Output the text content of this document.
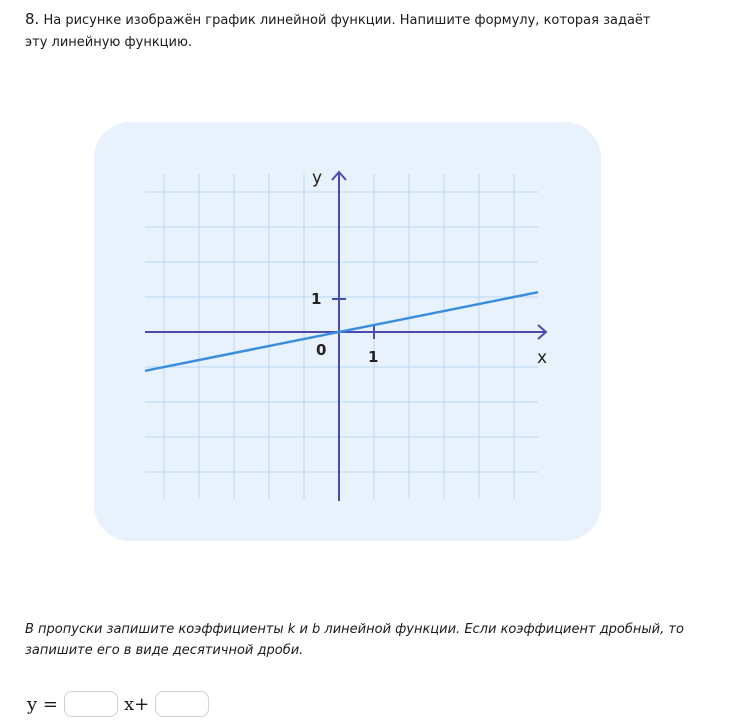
8. На рисунке изображён график линейной функции. Напишите формулу, которая задаёт эту линейную функцию.
y
x
0	1
1
В пропуски запишите коэффициенты k и b линейной функции. Если коэффициент дробный, то запишите его в виде десятичной дроби.
y =	x+
